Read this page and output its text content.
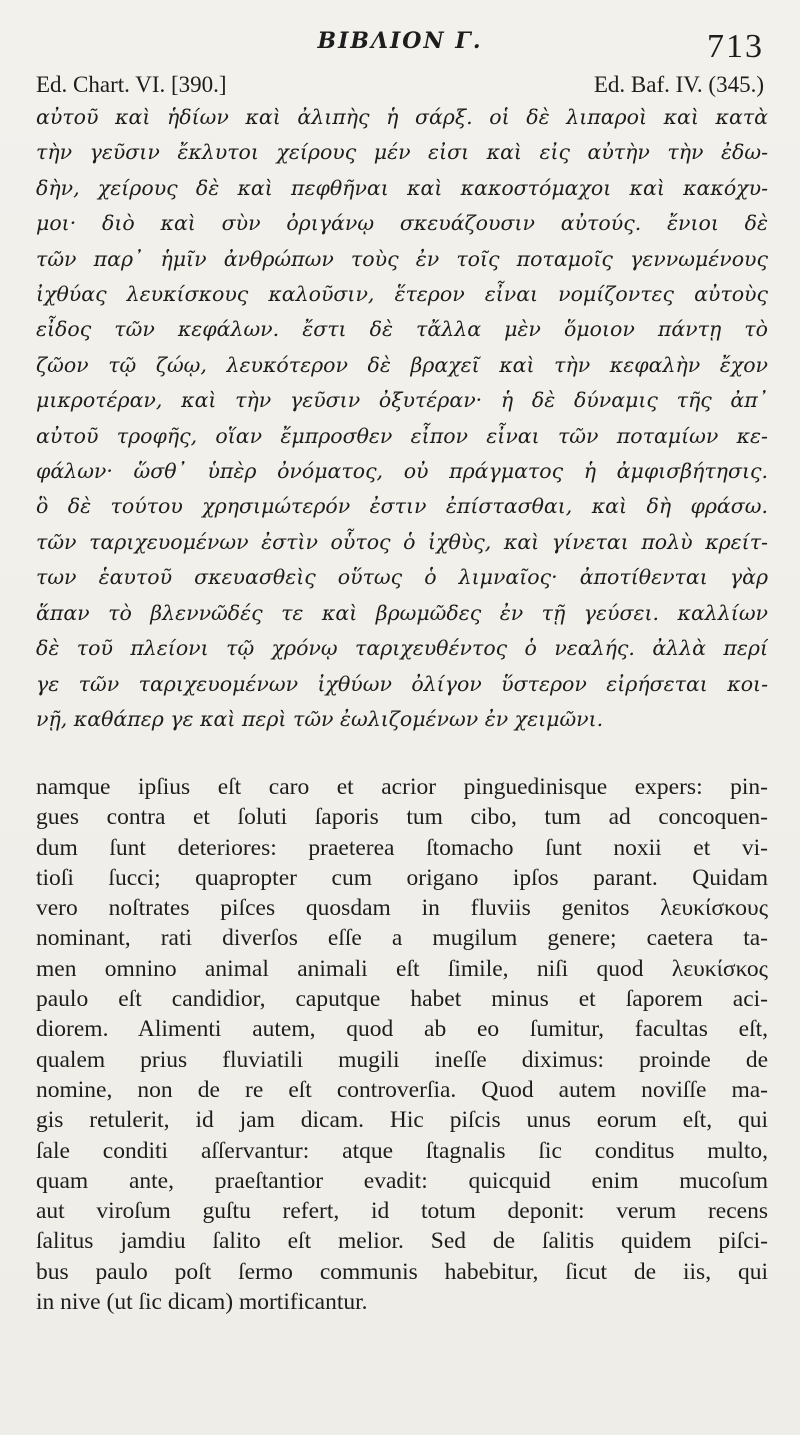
ΒΙΒΛΙΟΝ Γ.	713
Ed. Chart. VI. [390.]	Ed. Baf. IV. (345.)
αὐτοῦ καὶ ἡδίων καὶ ἀλιπὴς ἡ σάρξ. οἱ δὲ λιπαροὶ καὶ κατὰ
τὴν γεῦσιν ἔκλυτοι χείρους μέν εἰσι καὶ εἰς αὐτὴν τὴν ἐδω-
δὴν, χείρους δὲ καὶ πεφθῆναι καὶ κακοστόμαχοι καὶ κακόχυ-
μοι· διὸ καὶ σὺν ὀριγάνῳ σκευάζουσιν αὐτούς. ἔνιοι δὲ
τῶν παρ᾽ ἡμῖν ἀνθρώπων τοὺς ἐν τοῖς ποταμοῖς γεννωμένους
ἰχθύας λευκίσκους καλοῦσιν, ἕτερον εἶναι νομίζοντες αὐτοὺς
εἶδος τῶν κεφάλων. ἔστι δὲ τἄλλα μὲν ὅμοιον πάντῃ τὸ
ζῶον τῷ ζώῳ, λευκότερον δὲ βραχεῖ καὶ τὴν κεφαλὴν ἔχον
μικροτέραν, καὶ τὴν γεῦσιν ὀξυτέραν· ἡ δὲ δύναμις τῆς ἀπ᾽
αὐτοῦ τροφῆς, οἵαν ἔμπροσθεν εἶπον εἶναι τῶν ποταμίων κε-
φάλων· ὥσθ᾽ ὑπὲρ ὀνόματος, οὐ πράγματος ἡ ἀμφισβήτησις.
ὃ δὲ τούτου χρησιμώτερόν ἐστιν ἐπίστασθαι, καὶ δὴ φράσω.
τῶν ταριχευομένων ἐστὶν οὗτος ὁ ἰχθὺς, καὶ γίνεται πολὺ κρείτ-
των ἑαυτοῦ σκευασθεὶς οὕτως ὁ λιμναῖος· ἀποτίθενται γὰρ
ἅπαν τὸ βλεννῶδές τε καὶ βρωμῶδες ἐν τῇ γεύσει. καλλίων
δὲ τοῦ πλείονι τῷ χρόνῳ ταριχευθέντος ὁ νεαλής. ἀλλὰ περί
γε τῶν ταριχευομένων ἰχθύων ὀλίγον ὕστερον εἰρήσεται κοι-
νῇ, καθάπερ γε καὶ περὶ τῶν ἐωλιζομένων ἐν χειμῶνι.
namque ipſius eſt caro et acrior pinguedinisque expers: pin-
gues contra et ſoluti ſaporis tum cibo, tum ad concoquen-
dum ſunt deteriores: praeterea ſtomacho ſunt noxii et vi-
tioſi ſucci; quapropter cum origano ipſos parant. Quidam
vero noſtrates piſces quosdam in fluviis genitos λευκίσκους
nominant, rati diverſos eſſe a mugilum genere; caetera ta-
men omnino animal animali eſt ſimile, niſi quod λευκίσκος
paulo eſt candidior, caputque habet minus et ſaporem aci-
diorem. Alimenti autem, quod ab eo ſumitur, facultas eſt,
qualem prius fluviatili mugili ineſſe diximus: proinde de
nomine, non de re eſt controverſia. Quod autem noviſſe ma-
gis retulerit, id jam dicam. Hic piſcis unus eorum eſt, qui
ſale conditi aſſervantur: atque ſtagnalis ſic conditus multo,
quam ante, praeſtantior evadit: quicquid enim mucoſum
aut viroſum guſtu refert, id totum deponit: verum recens
ſalitus jamdiu ſalito eſt melior. Sed de ſalitis quidem piſci-
bus paulo poſt ſermo communis habebitur, ſicut de iis, qui
in nive (ut ſic dicam) mortificantur.
